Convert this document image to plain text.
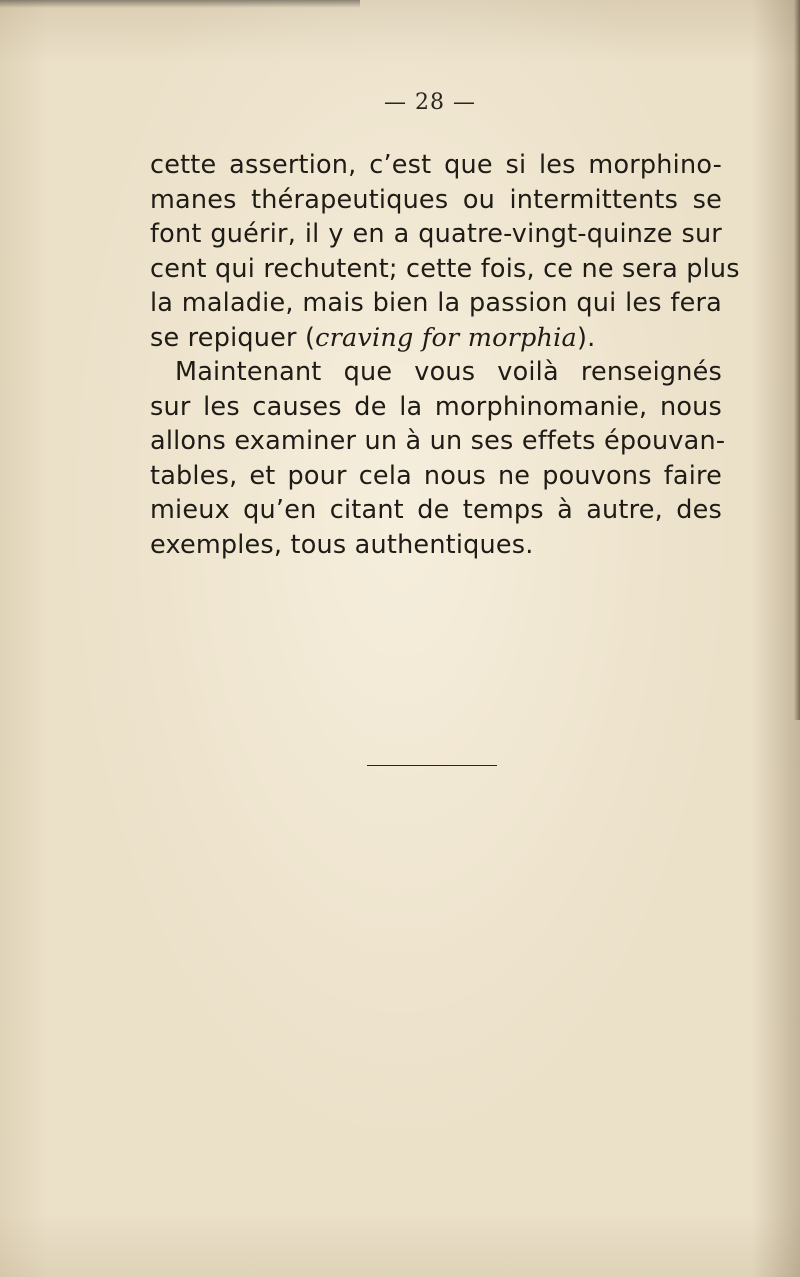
— 28 —
cette assertion, c’est que si les morphino-
manes thérapeutiques ou intermittents se
font guérir, il y en a quatre-vingt-quinze sur
cent qui rechutent; cette fois, ce ne sera plus
la maladie, mais bien la passion qui les fera
se repiquer (craving for morphia).
Maintenant que vous voilà renseignés
sur les causes de la morphinomanie, nous
allons examiner un à un ses effets épouvan-
tables, et pour cela nous ne pouvons faire
mieux qu’en citant de temps à autre, des
exemples, tous authentiques.
